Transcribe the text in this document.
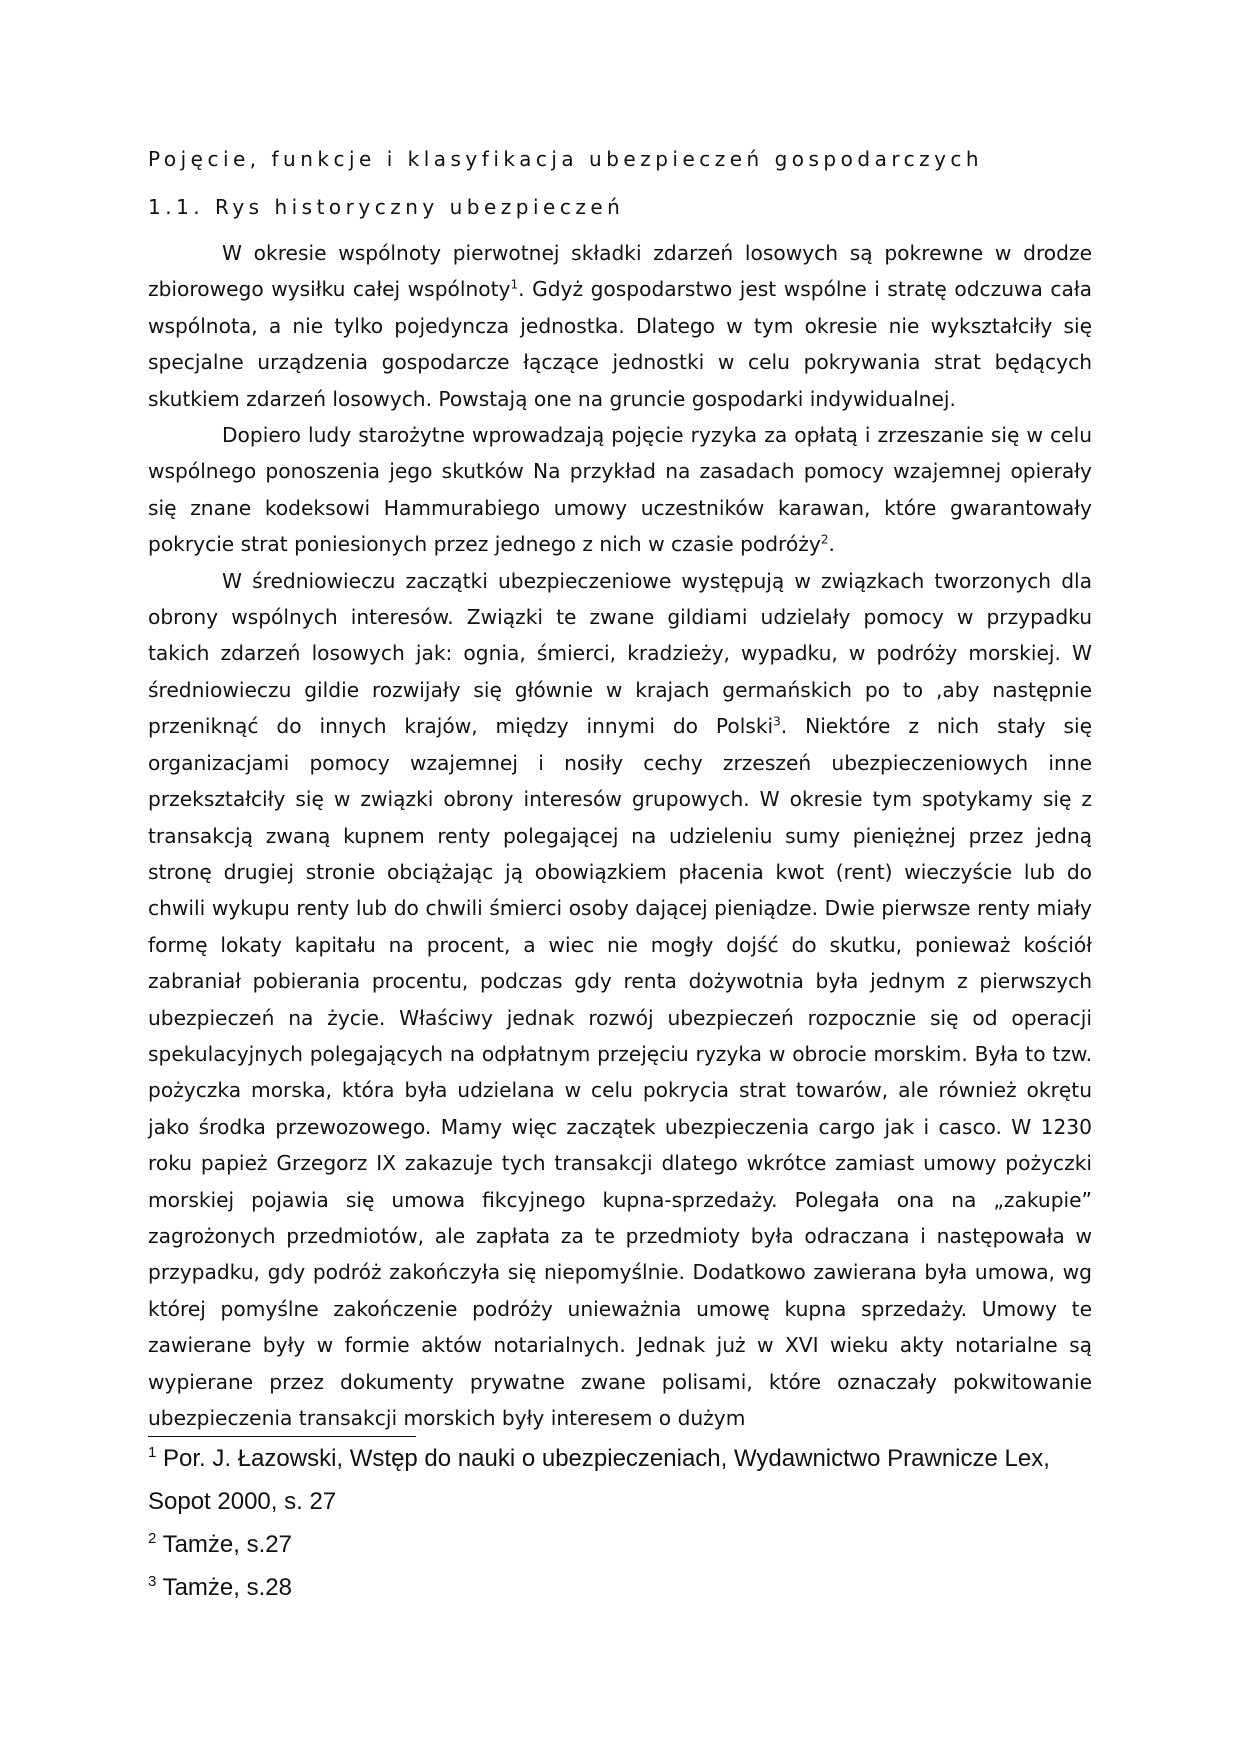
Pojęcie, funkcje i klasyfikacja ubezpieczeń gospodarczych
1.1. Rys historyczny ubezpieczeń

W okresie wspólnoty pierwotnej składki zdarzeń losowych są pokrewne w drodze zbiorowego wysiłku całej wspólnoty$^1$. Gdyż gospodarstwo jest wspólne i stratę odczuwa cała wspólnota, a nie tylko pojedyncza jednostka. Dlatego w tym okresie nie wykształciły się specjalne urządzenia gospodarcze łączące jednostki w celu pokrywania strat będących skutkiem zdarzeń losowych. Powstają one na gruncie gospodarki indywidualnej.

Dopiero ludy starożytne wprowadzają pojęcie ryzyka za opłatą i zrzeszanie się w celu wspólnego ponoszenia jego skutków Na przykład na zasadach pomocy wzajemnej opierały się znane kodeksowi Hammurabiego umowy uczestników karawan, które gwarantowały pokrycie strat poniesionych przez jednego z nich w czasie podróży$^2$.

W średniowieczu zaczątki ubezpieczeniowe występują w związkach tworzonych dla obrony wspólnych interesów. Związki te zwane gildiami udzielały pomocy w przypadku takich zdarzeń losowych jak: ognia, śmierci, kradzieży, wypadku, w podróży morskiej. W średniowieczu gildie rozwijały się głównie w krajach germańskich po to ,aby następnie przeniknąć do innych krajów, między innymi do Polski$^3$. Niektóre z nich stały się organizacjami pomocy wzajemnej i nosiły cechy zrzeszeń ubezpieczeniowych inne przekształciły się w związki obrony interesów grupowych. W okresie tym spotykamy się z transakcją zwaną kupnem renty polegającej na udzieleniu sumy pieniężnej przez jedną stronę drugiej stronie obciążając ją obowiązkiem płacenia kwot (rent) wieczyście lub do chwili wykupu renty lub do chwili śmierci osoby dającej pieniądze. Dwie pierwsze renty miały formę lokaty kapitału na procent, a wiec nie mogły dojść do skutku, ponieważ kościół zabraniał pobierania procentu, podczas gdy renta dożywotnia była jednym z pierwszych ubezpieczeń na życie. Właściwy jednak rozwój ubezpieczeń rozpocznie się od operacji spekulacyjnych polegających na odpłatnym przejęciu ryzyka w obrocie morskim. Była to tzw. pożyczka morska, która była udzielana w celu pokrycia strat towarów, ale również okrętu jako środka przewozowego. Mamy więc zaczątek ubezpieczenia cargo jak i casco. W 1230 roku papież Grzegorz IX zakazuje tych transakcji dlatego wkrótce zamiast umowy pożyczki morskiej pojawia się umowa fikcyjnego kupna-sprzedaży. Polegała ona na „zakupie” zagrożonych przedmiotów, ale zapłata za te przedmioty była odraczana i następowała w przypadku, gdy podróż zakończyła się niepomyślnie. Dodatkowo zawierana była umowa, wg której pomyślne zakończenie podróży unieważnia umowę kupna sprzedaży. Umowy te zawierane były w formie aktów notarialnych. Jednak już w XVI wieku akty notarialne są wypierane przez dokumenty prywatne zwane polisami, które oznaczały pokwitowanie ubezpieczenia transakcji morskich były interesem o dużym

$^1$ Por. J. Łazowski, Wstęp do nauki o ubezpieczeniach, Wydawnictwo Prawnicze Lex, Sopot 2000, s. 27

$^2$ Tamże, s.27

$^3$ Tamże, s.28
